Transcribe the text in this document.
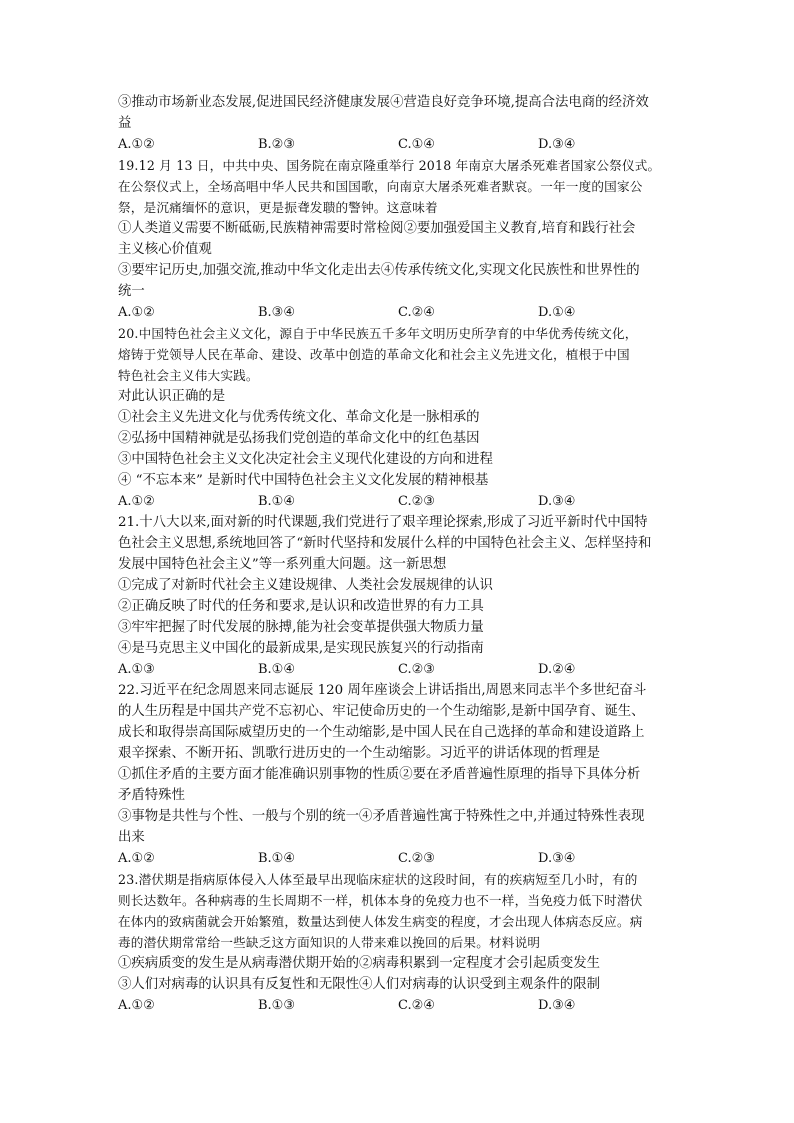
③推动市场新业态发展,促进国民经济健康发展④营造良好竞争环境,提高合法电商的经济效
益
A.①②	B.②③	C.①④	D.③④
19.12 月 13 日，中共中央、国务院在南京隆重举行 2018 年南京大屠杀死难者国家公祭仪式。
在公祭仪式上，全场高唱中华人民共和国国歌，向南京大屠杀死难者默哀。一年一度的国家公
祭，是沉痛缅怀的意识，更是振聋发聩的警钟。这意味着
①人类道义需要不断砥砺,民族精神需要时常检阅②要加强爱国主义教育,培育和践行社会
主义核心价值观
③要牢记历史,加强交流,推动中华文化走出去④传承传统文化,实现文化民族性和世界性的
统一
A.①②	B.③④	C.②④	D.①④
20.中国特色社会主义文化，源自于中华民族五千多年文明历史所孕育的中华优秀传统文化，
熔铸于党领导人民在革命、建设、改革中创造的革命文化和社会主义先进文化，植根于中国
特色社会主义伟大实践。
对此认识正确的是
①社会主义先进文化与优秀传统文化、革命文化是一脉相承的
②弘扬中国精神就是弘扬我们党创造的革命文化中的红色基因
③中国特色社会主义文化决定社会主义现代化建设的方向和进程
④ “不忘本来” 是新时代中国特色社会主义文化发展的精神根基
A.①②	B.①④	C.②③	D.③④
21.十八大以来,面对新的时代课题,我们党进行了艰辛理论探索,形成了习近平新时代中国特
色社会主义思想,系统地回答了“新时代坚持和发展什么样的中国特色社会主义、怎样坚持和
发展中国特色社会主义”等一系列重大问题。这一新思想
①完成了对新时代社会主义建设规律、人类社会发展规律的认识
②正确反映了时代的任务和要求,是认识和改造世界的有力工具
③牢牢把握了时代发展的脉搏,能为社会变革提供强大物质力量
④是马克思主义中国化的最新成果,是实现民族复兴的行动指南
A.①③	B.①④	C.②③	D.②④
22.习近平在纪念周恩来同志诞辰 120 周年座谈会上讲话指出,周恩来同志半个多世纪奋斗
的人生历程是中国共产党不忘初心、牢记使命历史的一个生动缩影,是新中国孕育、诞生、
成长和取得崇高国际威望历史的一个生动缩影,是中国人民在自己选择的革命和建设道路上
艰辛探索、不断开拓、凯歌行进历史的一个生动缩影。习近平的讲话体现的哲理是
①抓住矛盾的主要方面才能准确识别事物的性质②要在矛盾普遍性原理的指导下具体分析
矛盾特殊性
③事物是共性与个性、一般与个别的统一④矛盾普遍性寓于特殊性之中,并通过特殊性表现
出来
A.①②	B.①④	C.②③	D.③④
23.潜伏期是指病原体侵入人体至最早出现临床症状的这段时间，有的疾病短至几小时，有的
则长达数年。各种病毒的生长周期不一样，机体本身的免疫力也不一样，当免疫力低下时潜伏
在体内的致病菌就会开始繁殖，数量达到使人体发生病变的程度，才会出现人体病态反应。病
毒的潜伏期常常给一些缺乏这方面知识的人带来难以挽回的后果。材料说明
①疾病质变的发生是从病毒潜伏期开始的②病毒积累到一定程度才会引起质变发生
③人们对病毒的认识具有反复性和无限性④人们对病毒的认识受到主观条件的限制
A.①②	B.①③	C.②④	D.③④
